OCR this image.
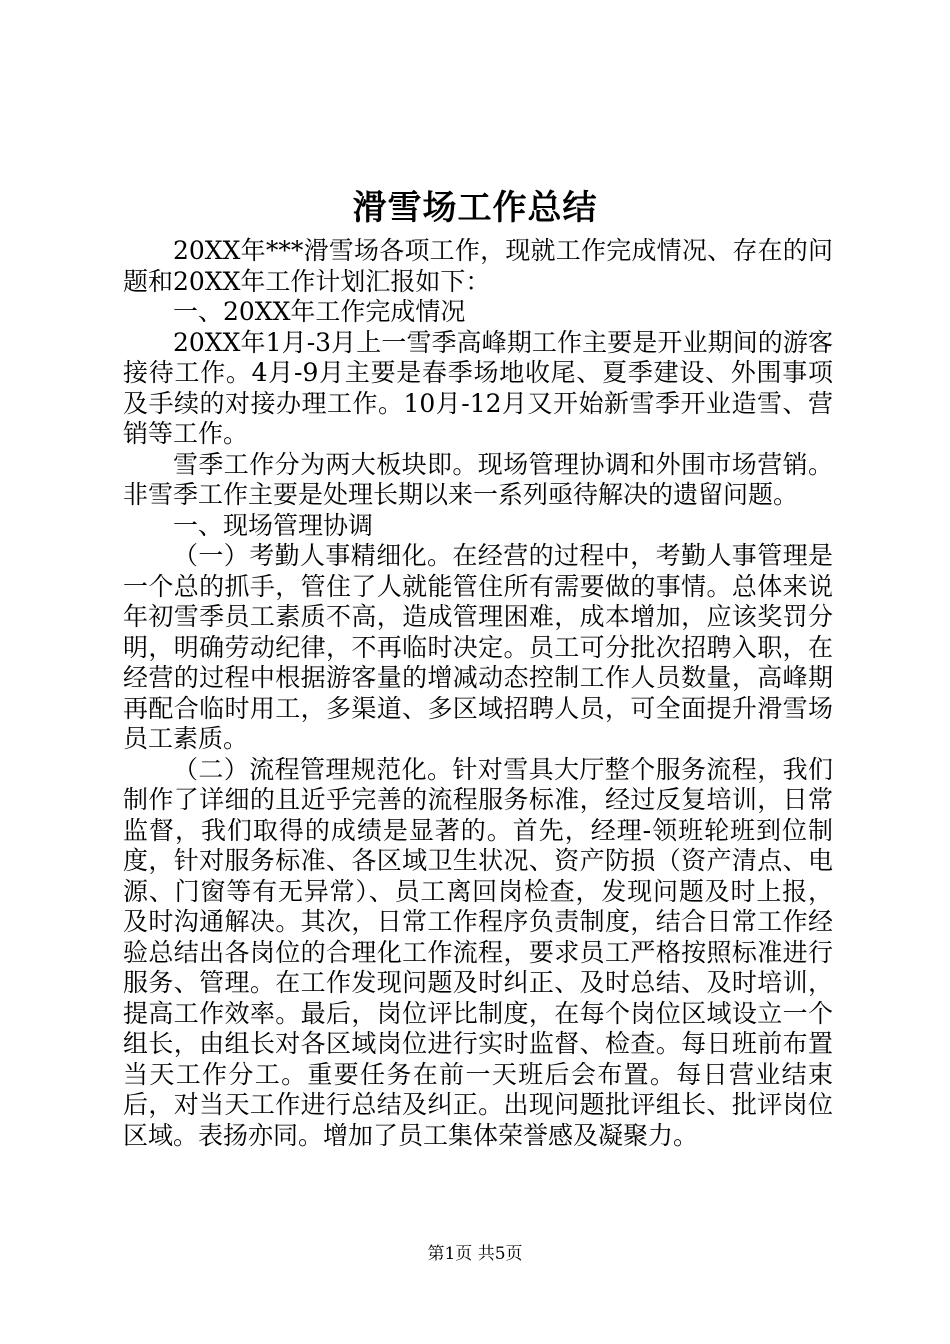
滑雪场工作总结

20XX年***滑雪场各项工作，现就工作完成情况、存在的问题和20XX年工作计划汇报如下：

一、20XX年工作完成情况

20XX年1月-3月上一雪季高峰期工作主要是开业期间的游客接待工作。4月-9月主要是春季场地收尾、夏季建设、外围事项及手续的对接办理工作。10月-12月又开始新雪季开业造雪、营销等工作。

雪季工作分为两大板块即。现场管理协调和外围市场营销。非雪季工作主要是处理长期以来一系列亟待解决的遗留问题。

一、现场管理协调

（一）考勤人事精细化。在经营的过程中，考勤人事管理是一个总的抓手，管住了人就能管住所有需要做的事情。总体来说年初雪季员工素质不高，造成管理困难，成本增加，应该奖罚分明，明确劳动纪律，不再临时决定。员工可分批次招聘入职，在经营的过程中根据游客量的增减动态控制工作人员数量，高峰期再配合临时用工，多渠道、多区域招聘人员，可全面提升滑雪场员工素质。

（二）流程管理规范化。针对雪具大厅整个服务流程，我们制作了详细的且近乎完善的流程服务标准，经过反复培训，日常监督，我们取得的成绩是显著的。首先，经理-领班轮班到位制度，针对服务标准、各区域卫生状况、资产防损（资产清点、电源、门窗等有无异常）、员工离回岗检查，发现问题及时上报，及时沟通解决。其次，日常工作程序负责制度，结合日常工作经验总结出各岗位的合理化工作流程，要求员工严格按照标准进行服务、管理。在工作发现问题及时纠正、及时总结、及时培训，提高工作效率。最后，岗位评比制度，在每个岗位区域设立一个组长，由组长对各区域岗位进行实时监督、检查。每日班前布置当天工作分工。重要任务在前一天班后会布置。每日营业结束后，对当天工作进行总结及纠正。出现问题批评组长、批评岗位区域。表扬亦同。增加了员工集体荣誉感及凝聚力。

第1页 共5页
